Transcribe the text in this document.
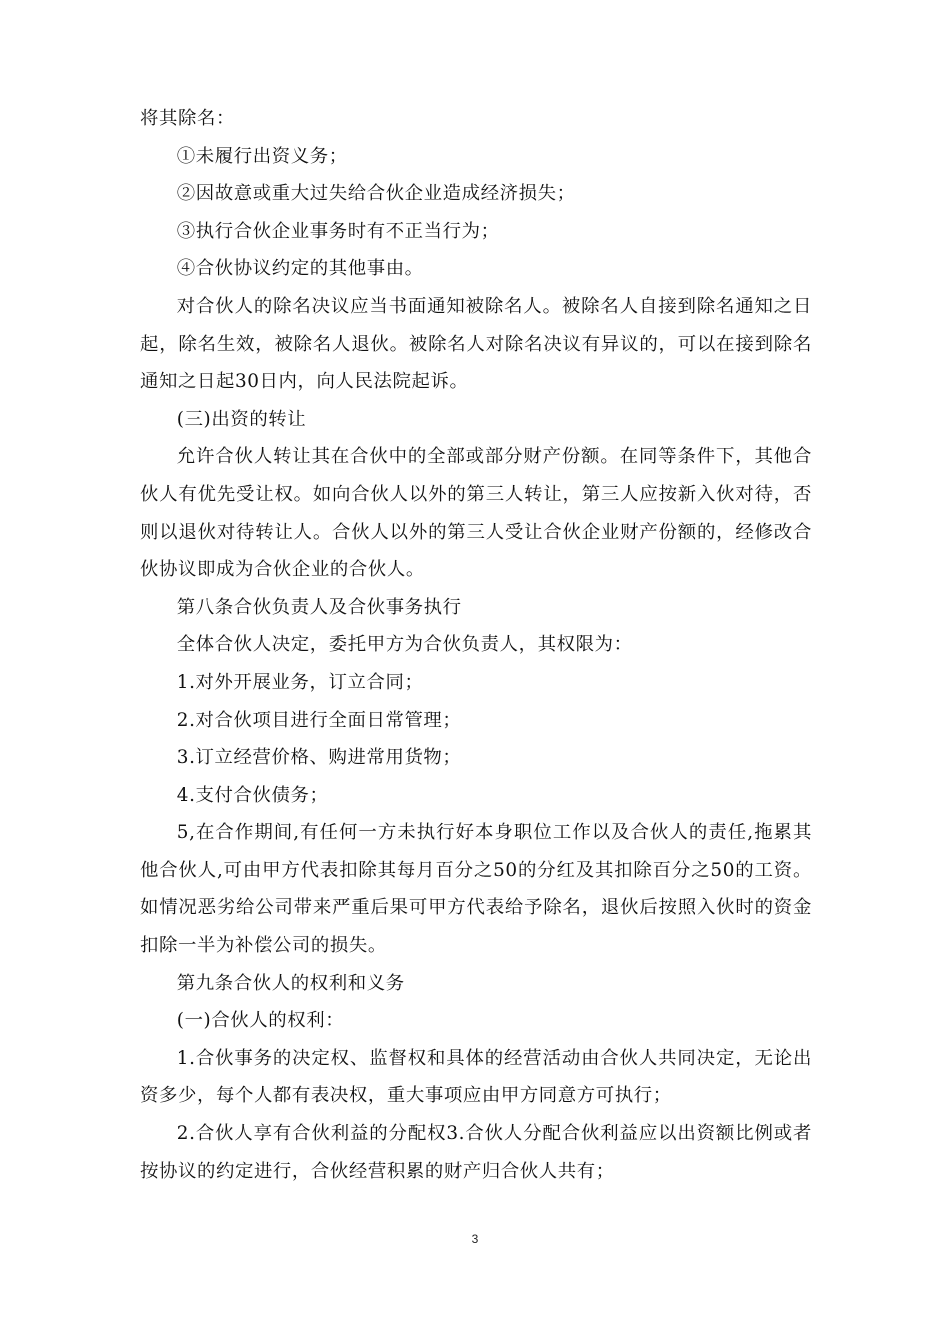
将其除名：

①未履行出资义务；

②因故意或重大过失给合伙企业造成经济损失；

③执行合伙企业事务时有不正当行为；

④合伙协议约定的其他事由。

对合伙人的除名决议应当书面通知被除名人。被除名人自接到除名通知之日起，除名生效，被除名人退伙。被除名人对除名决议有异议的，可以在接到除名通知之日起30日内，向人民法院起诉。

(三)出资的转让

允许合伙人转让其在合伙中的全部或部分财产份额。在同等条件下，其他合伙人有优先受让权。如向合伙人以外的第三人转让，第三人应按新入伙对待，否则以退伙对待转让人。合伙人以外的第三人受让合伙企业财产份额的，经修改合伙协议即成为合伙企业的合伙人。

第八条合伙负责人及合伙事务执行

全体合伙人决定，委托甲方为合伙负责人，其权限为：

1.对外开展业务，订立合同；

2.对合伙项目进行全面日常管理；

3.订立经营价格、购进常用货物；

4.支付合伙债务；

5,在合作期间,有任何一方未执行好本身职位工作以及合伙人的责任,拖累其他合伙人,可由甲方代表扣除其每月百分之50的分红及其扣除百分之50的工资。如情况恶劣给公司带来严重后果可甲方代表给予除名，退伙后按照入伙时的资金扣除一半为补偿公司的损失。

第九条合伙人的权利和义务

(一)合伙人的权利：

1.合伙事务的决定权、监督权和具体的经营活动由合伙人共同决定，无论出资多少，每个人都有表决权，重大事项应由甲方同意方可执行；

2.合伙人享有合伙利益的分配权3.合伙人分配合伙利益应以出资额比例或者按协议的约定进行，合伙经营积累的财产归合伙人共有；

3
